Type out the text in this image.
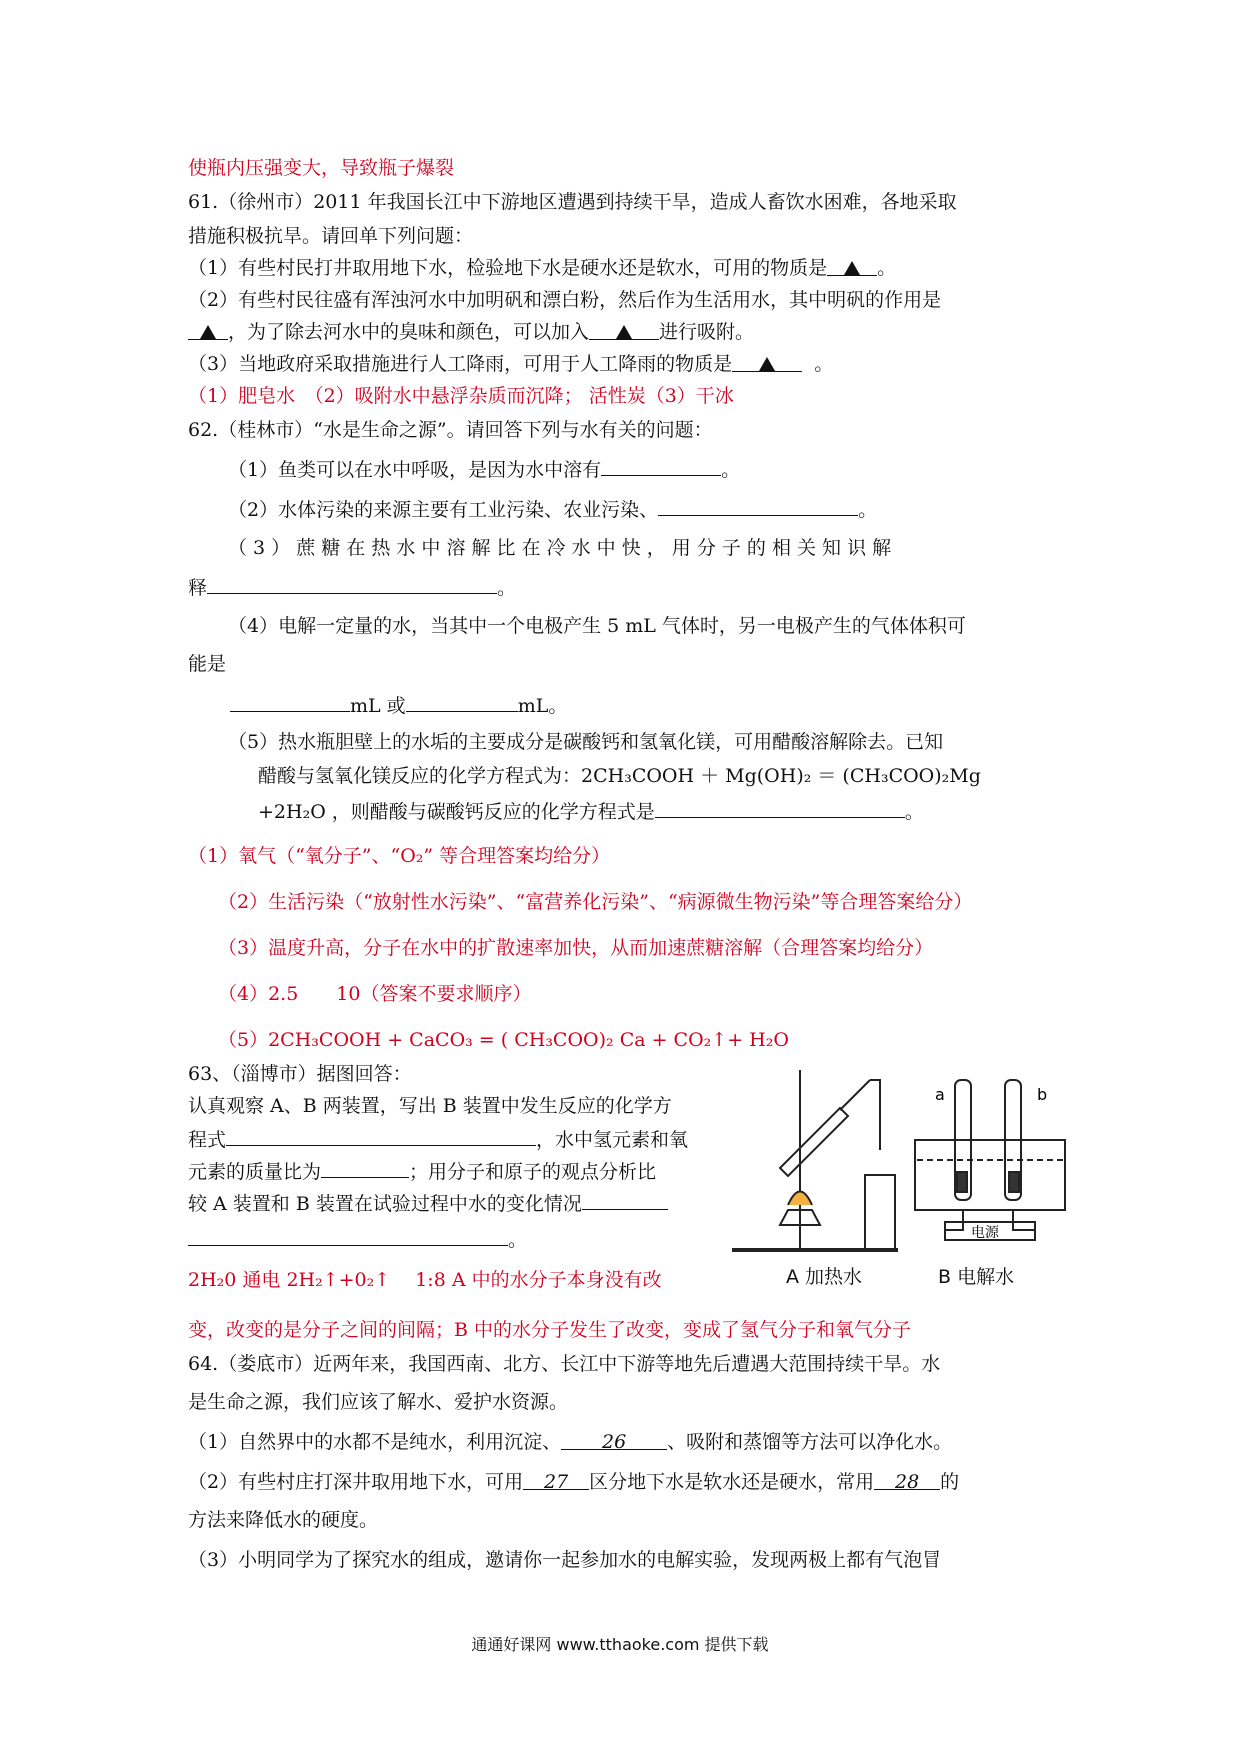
使瓶内压强变大，导致瓶子爆裂
61.（徐州市）2011 年我国长江中下游地区遭遇到持续干旱，造成人畜饮水困难，各地采取
措施积极抗旱。请回单下列问题：
（1）有些村民打井取用地下水，检验地下水是硬水还是软水，可用的物质是	。
（2）有些村民往盛有浑浊河水中加明矾和漂白粉，然后作为生活用水，其中明矾的作用是
，为了除去河水中的臭味和颜色，可以加入	进行吸附。
（3）当地政府采取措施进行人工降雨，可用于人工降雨的物质是	。
（1）肥皂水　（2）吸附水中悬浮杂质而沉降； 活性炭（3）干冰
62.（桂林市）“水是生命之源”。请回答下列与水有关的问题：
（1）鱼类可以在水中呼吸，是因为水中溶有	。
（2）水体污染的来源主要有工业污染、农业污染、	。
（ 3 ） 蔗 糖 在 热 水 中 溶 解 比 在 冷 水 中 快 ， 用 分 子 的 相 关 知 识 解
释	。
（4）电解一定量的水，当其中一个电极产生 5 mL 气体时，另一电极产生的气体体积可
能是
mL 或	mL。
（5）热水瓶胆壁上的水垢的主要成分是碳酸钙和氢氧化镁，可用醋酸溶解除去。已知
醋酸与氢氧化镁反应的化学方程式为：2CH₃COOH ＋ Mg(OH)₂ ＝ (CH₃COO)₂Mg
+2H₂O ，则醋酸与碳酸钙反应的化学方程式是	。
（1）氧气（“氧分子”、“O₂” 等合理答案均给分）
（2）生活污染（“放射性水污染”、“富营养化污染”、“病源微生物污染”等合理答案给分）
（3）温度升高，分子在水中的扩散速率加快，从而加速蔗糖溶解（合理答案均给分）
（4）2.5　　10（答案不要求顺序）
（5）2CH₃COOH + CaCO₃ = ( CH₃COO)₂ Ca + CO₂↑+ H₂O
63、（淄博市）据图回答：
认真观察 A、B 两装置，写出 B 装置中发生反应的化学方
程式	，水中氢元素和氧
元素的质量比为	；用分子和原子的观点分析比
较 A 装置和 B 装置在试验过程中水的变化情况
。
2H₂0 通电 2H₂↑+0₂↑　 1:8 A 中的水分子本身没有改
变，改变的是分子之间的间隔；B 中的水分子发生了改变，变成了氢气分子和氧气分子
a	b
电源
A 加热水	B 电解水
64.（娄底市）近两年来，我国西南、北方、长江中下游等地先后遭遇大范围持续干旱。水
是生命之源，我们应该了解水、爱护水资源。
（1）自然界中的水都不是纯水，利用沉淀、 26 、吸附和蒸馏等方法可以净化水。
（2）有些村庄打深井取用地下水，可用 27 区分地下水是软水还是硬水，常用 28 的
方法来降低水的硬度。
（3）小明同学为了探究水的组成，邀请你一起参加水的电解实验，发现两极上都有气泡冒
通通好课网 www.tthaoke.com 提供下载
